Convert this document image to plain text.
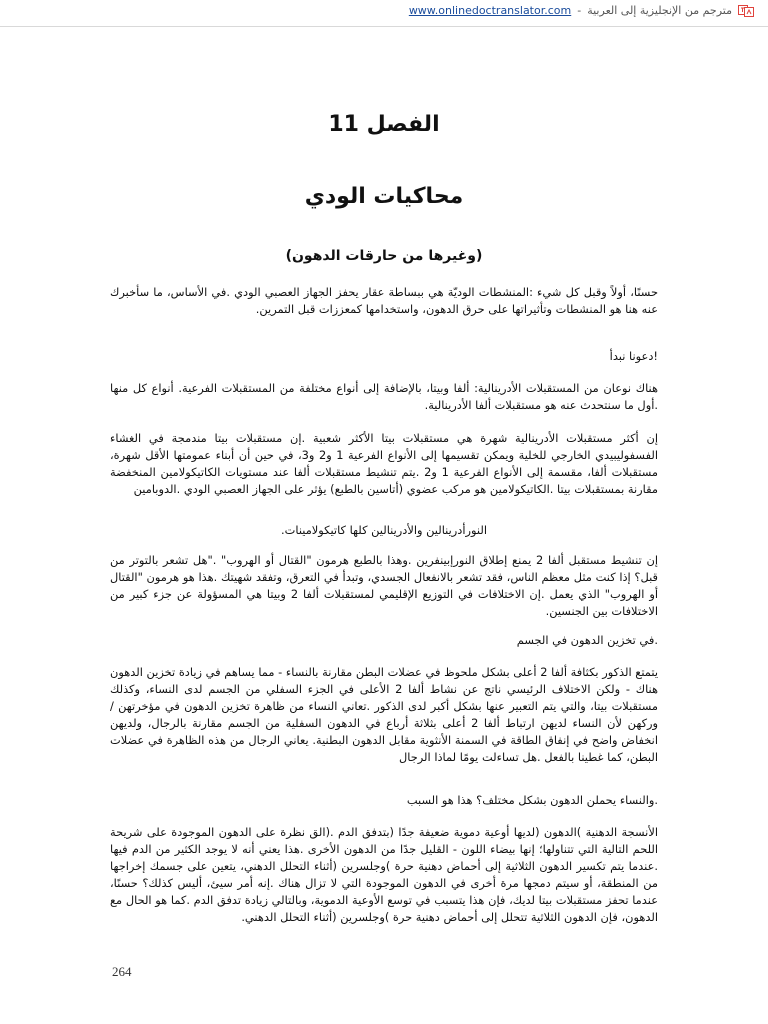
www.onlinedoctranslator.com - مترجم من الإنجليزية إلى العربية
الفصل 11
محاكيات الودي
(وغيرها من حارقات الدهون)

حسنًا، أولاً وقبل كل شيء :المنشطات الوديّة هي ببساطة عقار يحفز الجهاز العصبي الودي .في الأساس، ما سأخبرك عنه هنا هو المنشطات وتأثيراتها على حرق الدهون، واستخدامها كمعززات قبل التمرين.

!دعونا نبدأ

هناك نوعان من المستقبلات الأدرينالية: ألفا وبيتا، بالإضافة إلى أنواع مختلفة من المستقبلات الفرعية. أنواع كل منها .أول ما سنتحدث عنه هو مستقبلات ألفا الأدرينالية.

إن أكثر مستقبلات الأدرينالية شهرة هي مستقبلات بيتا الأكثر شعبية .إن مستقبلات بيتا مندمجة في الغشاء الفسفوليبيدي الخارجي للخلية ويمكن تقسيمها إلى الأنواع الفرعية 1 و2 و3، في حين أن أبناء عمومتها الأقل شهرة، مستقبلات ألفا، مقسمة إلى الأنواع الفرعية 1 و2 .يتم تنشيط مستقبلات ألفا عند مستويات الكاتيكولامين المنخفضة مقارنة بمستقبلات بيتا .الكاتيكولامين هو مركب عضوي (أتاسين بالطبع) يؤثر على الجهاز العصبي الودي .الدوبامين

النورأدرينالين والأدرينالين كلها كاتيكولامينات.

إن تنشيط مستقبل ألفا 2 يمنع إطلاق النورإبينفرين .وهذا بالطبع هرمون "القتال أو الهروب" ."هل تشعر بالتوتر من قبل؟ إذا كنت مثل معظم الناس، فقد تشعر بالانفعال الجسدي، وتبدأ في التعرق، وتفقد شهيتك .هذا هو هرمون "القتال أو الهروب" الذي يعمل .إن الاختلافات في التوزيع الإقليمي لمستقبلات ألفا 2 وبيتا هي المسؤولة عن جزء كبير من الاختلافات بين الجنسين.

.في تخزين الدهون في الجسم

يتمتع الذكور بكثافة ألفا 2 أعلى بشكل ملحوظ في عضلات البطن مقارنة بالنساء - مما يساهم في زيادة تخزين الدهون هناك - ولكن الاختلاف الرئيسي ناتج عن نشاط ألفا 2 الأعلى في الجزء السفلي من الجسم لدى النساء، وكذلك مستقبلات بيتا، والتي يتم التعبير عنها بشكل أكبر لدى الذكور .تعاني النساء من ظاهرة تخزين الدهون في مؤخرتهن /وركهن لأن النساء لديهن ارتباط ألفا 2 أعلى بثلاثة أرباع في الدهون السفلية من الجسم مقارنة بالرجال، ولديهن انخفاض واضح في إنفاق الطاقة في السمنة الأنثوية مقابل الدهون البطنية. يعاني الرجال من هذه الظاهرة في عضلات البطن، كما غطينا بالفعل .هل تساءلت يومًا لماذا الرجال

.والنساء يحملن الدهون بشكل مختلف؟ هذا هو السبب

الأنسجة الدهنية )الدهون (لديها أوعية دموية ضعيفة جدًا (بتدفق الدم .(الق نظرة على الدهون الموجودة على شريحة اللحم التالية التي تتناولها؛ إنها بيضاء اللون - القليل جدًا من الدهون الأخرى .هذا يعني أنه لا يوجد الكثير من الدم فيها .عندما يتم تكسير الدهون الثلاثية إلى أحماض دهنية حرة )وجلسرين (أثناء التحلل الدهني، يتعين على جسمك إخراجها من المنطقة، أو سيتم دمجها مرة أخرى في الدهون الموجودة التي لا تزال هناك .إنه أمر سيئ، أليس كذلك؟ حسنًا، عندما تحفز مستقبلات بيتا لديك، فإن هذا يتسبب في توسع الأوعية الدموية، وبالتالي زيادة تدفق الدم .كما هو الحال مع الدهون، فإن الدهون الثلاثية تتحلل إلى أحماض دهنية حرة )وجلسرين (أثناء التحلل الدهني.

264
